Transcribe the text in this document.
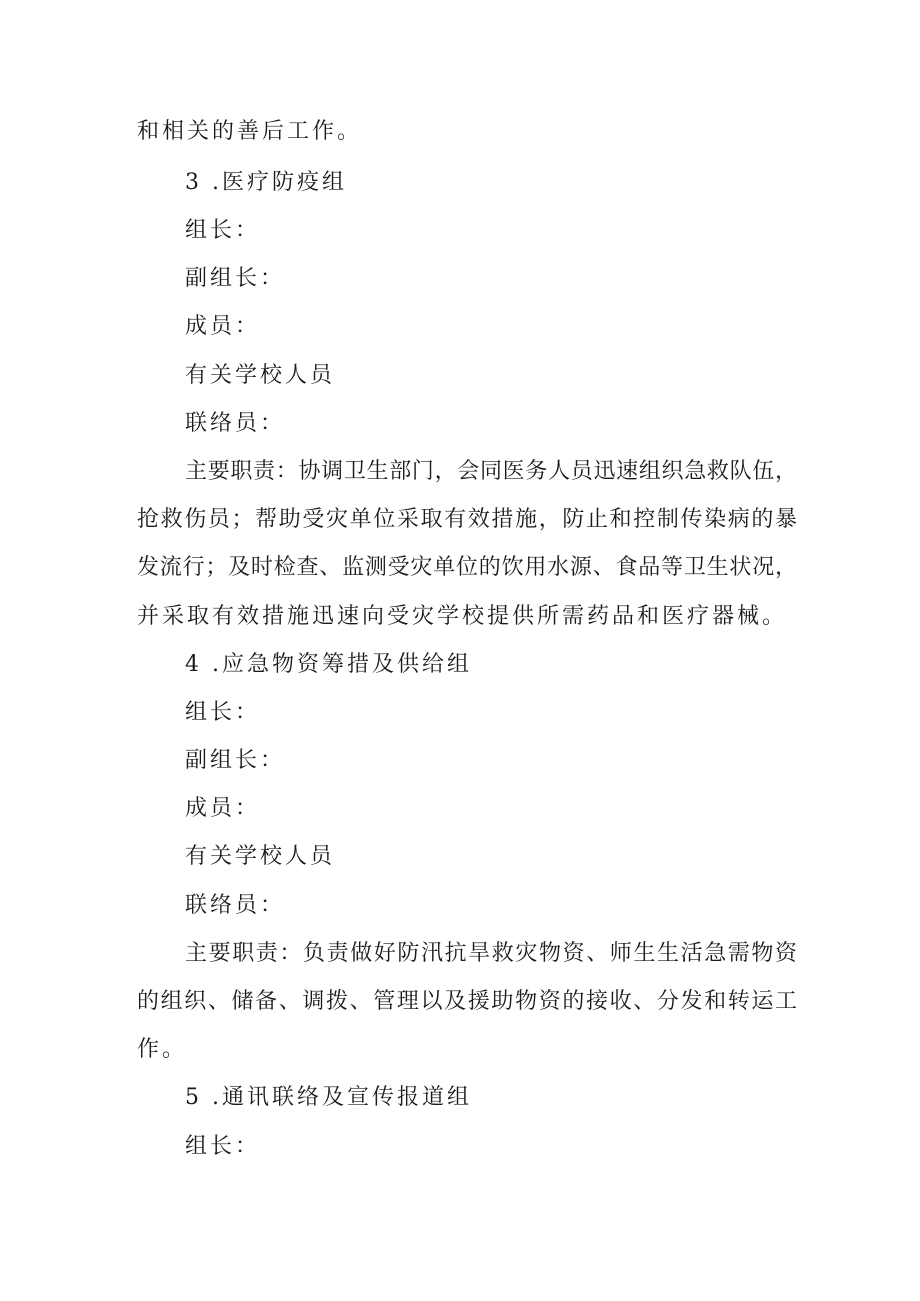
和相关的善后工作。
3 .医疗防疫组
组长：
副组长：
成员：
有关学校人员
联络员：
主要职责：协调卫生部门，会同医务人员迅速组织急救队伍，
抢救伤员；帮助受灾单位采取有效措施，防止和控制传染病的暴
发流行；及时检查、监测受灾单位的饮用水源、食品等卫生状况，
并采取有效措施迅速向受灾学校提供所需药品和医疗器械。
4 .应急物资筹措及供给组
组长：
副组长：
成员：
有关学校人员
联络员：
主要职责：负责做好防汛抗旱救灾物资、师生生活急需物资
的组织、储备、调拨、管理以及援助物资的接收、分发和转运工
作。
5 .通讯联络及宣传报道组
组长：
